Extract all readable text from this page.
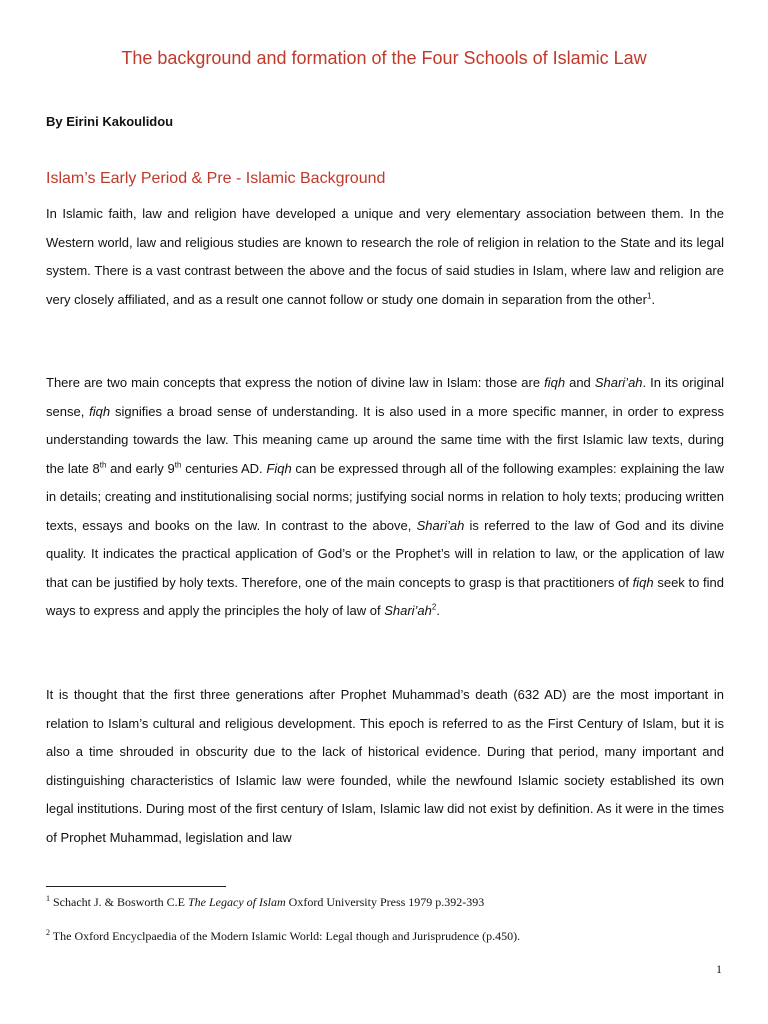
The background and formation of the Four Schools of Islamic Law
By Eirini Kakoulidou
Islam’s Early Period & Pre - Islamic Background
In Islamic faith, law and religion have developed a unique and very elementary association between them. In the Western world, law and religious studies are known to research the role of religion in relation to the State and its legal system. There is a vast contrast between the above and the focus of said studies in Islam, where law and religion are very closely affiliated, and as a result one cannot follow or study one domain in separation from the other$^1$.
There are two main concepts that express the notion of divine law in Islam: those are fiqh and Shari’ah. In its original sense, fiqh signifies a broad sense of understanding. It is also used in a more specific manner, in order to express understanding towards the law. This meaning came up around the same time with the first Islamic law texts, during the late 8th and early 9th centuries AD. Fiqh can be expressed through all of the following examples: explaining the law in details; creating and institutionalising social norms; justifying social norms in relation to holy texts; producing written texts, essays and books on the law. In contrast to the above, Shari’ah is referred to the law of God and its divine quality. It indicates the practical application of God’s or the Prophet’s will in relation to law, or the application of law that can be justified by holy texts. Therefore, one of the main concepts to grasp is that practitioners of fiqh seek to find ways to express and apply the principles the holy of law of $Shari’ah^2$.
It is thought that the first three generations after Prophet Muhammad’s death (632 AD) are the most important in relation to Islam’s cultural and religious development. This epoch is referred to as the First Century of Islam, but it is also a time shrouded in obscurity due to the lack of historical evidence. During that period, many important and distinguishing characteristics of Islamic law were founded, while the newfound Islamic society established its own legal institutions. During most of the first century of Islam, Islamic law did not exist by definition. As it were in the times of Prophet Muhammad, legislation and law
$^1$ Schacht J. & Bosworth C.E The Legacy of Islam Oxford University Press 1979 p.392-393
$^2$ The Oxford Encyclpaedia of the Modern Islamic World: Legal though and Jurisprudence (p.450).
1
